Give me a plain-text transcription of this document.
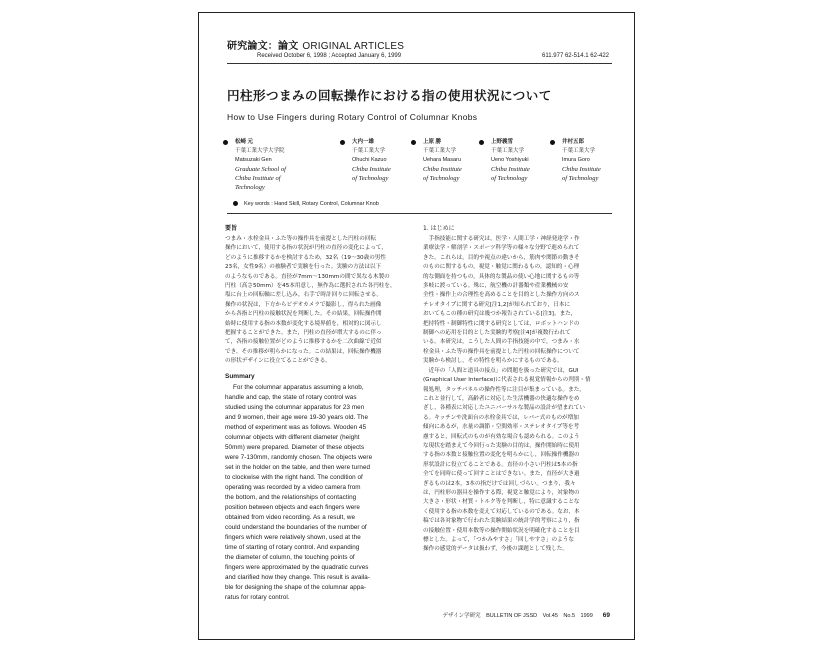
研究論文：論文 ORIGINAL ARTICLES
Received October 6, 1998 ; Accepted January 6, 1999	611.977 62-514.1 62-422
円柱形つまみの回転操作における指の使用状況について
How to Use Fingers during Rotary Control of Columnar Knobs
松崎 元
千葉工業大学大学院
Matsuzaki Gen
Graduate School of
Chiba Institute of Technology
大内一雄
千葉工業大学
Ohuchi Kazuo
Chiba Institute
of Technology
上原 勝
千葉工業大学
Uehara Masaru
Chiba Institute
of Technology
上野義雪
千葉工業大学
Ueno Yoshiyuki
Chiba Institute
of Technology
井村五郎
千葉工業大学
Imura Goro
Chiba Institute
of Technology
Key words : Hand Skill, Rotary Control, Columnar Knob
要旨
つまみ・水栓金具・ふた等の操作具を前提とした円柱の回転
操作において，使用する指の状況が円柱の直径の変化によって，
どのように推移するかを検討するため，32名（19〜30歳の男性
23名，女性9名）の被験者で実験を行った。実験の方法は以下
のようなものである。直径が7mm〜130mmの間で異なる木製の
円柱（高さ50mm）を45本用意し，無作為に選択された各円柱を，
塩に台上の回転軸に差し込み，右手で時計回りに回転させる。
操作の状況は，下方からビデオカメラで撮影し，得られた画像
から各指と円柱の接触状況を判断した。その結果，回転操作開
始時に使用する指の本数が変化する境界値を，相対的に図示し
把握することができた。また，円柱の直径が増大するのに伴っ
て，各指の接触位置がどのように推移するかを二次曲線で近似
でき，その推移が明らかになった。この結果は，回転操作機器
の形状デザインに役立てることができる。
Summary
For the columnar apparatus assuming a knob,
handle and cap, the state of rotary control was
studied using the columnar apparatus for 23 men
and 9 women, their age were 19-30 years old. The
method of experiment was as follows. Wooden 45
columnar objects with different diameter (height
50mm) were prepared. Diameter of these objects
were 7-130mm, randomly chosen. The objects were
set in the holder on the table, and then were turned
to clockwise with the right hand. The condition of
operating was recorded by a video camera from
the bottom, and the relationships of contacting
position between objects and each fingers were
obtained from video recording. As a result, we
could understand the boundaries of the number of
fingers which were relatively shown, used at the
time of starting of rotary control. And expanding
the diameter of column, the touching points of
fingers were approximated by the quadratic curves
and clarified how they change. This result is availa-
ble for designing the shape of the columnar appa-
ratus for rotary control.
1. はじめに
　手指技能に関する研究は，医学・人間工学・神経発達学・作
業療法学・解剖学・スポーツ科学等の様々な分野で進められて
きた。これらは，目的や視点の違いから，筋肉や関節の動きそ
のものに関するもの，視覚・触覚に関わるもの，認知的・心理
的な側面を持つもの，具体的な製品の使い心地に関するもの等
多岐に渡っている。殊に，航空機の計器類や産業機械の安
全性・操作上の合理性を高めることを目的とした操作方向のス
テレオタイプに関する研究[注1,2]が知られており，日本に
おいてもこの種の研究は幾つか報告されている[注3]。また，
把持特性・制御特性に関する研究としては，ロボットハンドの
制御への応用を目的とした実験的考察[注4]が複数行われて
いる。本研究は，こうした人間の手指技能の中で，つまみ・水
栓金具・ふた等の操作具を前提とした円柱の回転操作について
実験から検討し，その特性を明らかにするものである。
　近年の「人間と道具の接点」の問題を扱った研究では，GUI
(Graphical User Interface)に代表される視覚情報からの判別・情
報処理，タッチパネルの操作性等に注目が集まっている。また，
これと並行して，高齢者に対応した生活機器の快適な操作をめ
ざし，各種表に対応したユニバーサルな製品の設計が望まれてい
る。キッチンや洗面台の水栓金具では，レバー式のものが増加
傾向にあるが，水量の調節・空間効率・ステレオタイプ等を考
慮すると，回転式のものが有効な場合も認められる。このよう
な現状を踏まえて今回行った実験の目的は，操作開始時に使用
する指の本数と接触位置の変化を明らかにし，回転操作機器の
形状設計に役立てることである。直径の小さい円柱は5本の指
全てを同時に使って回すことはできない。また，直径が大き過
ぎるものは2本，3本の指だけでは回しづらい。つまり，我々
は，円柱形の器具を操作する際，視覚と触覚により，対象物の
大きさ・形状・材質・トルク等を判断し，特に意識することな
く使用する指の本数を変えて対応しているのである。なお，本
稿では各対象物で行われた実験結果の統計学的考察により，指
の接触位置・使用本数等の操作開始状況を明確化することを目
標とした。よって，「つかみやすさ」「回しやすさ」のような
操作の感覚的データは扱わず，今後の課題として残した。
デザイン学研究　BULLETIN OF JSSD　Vol.45　No.5　1999 69
